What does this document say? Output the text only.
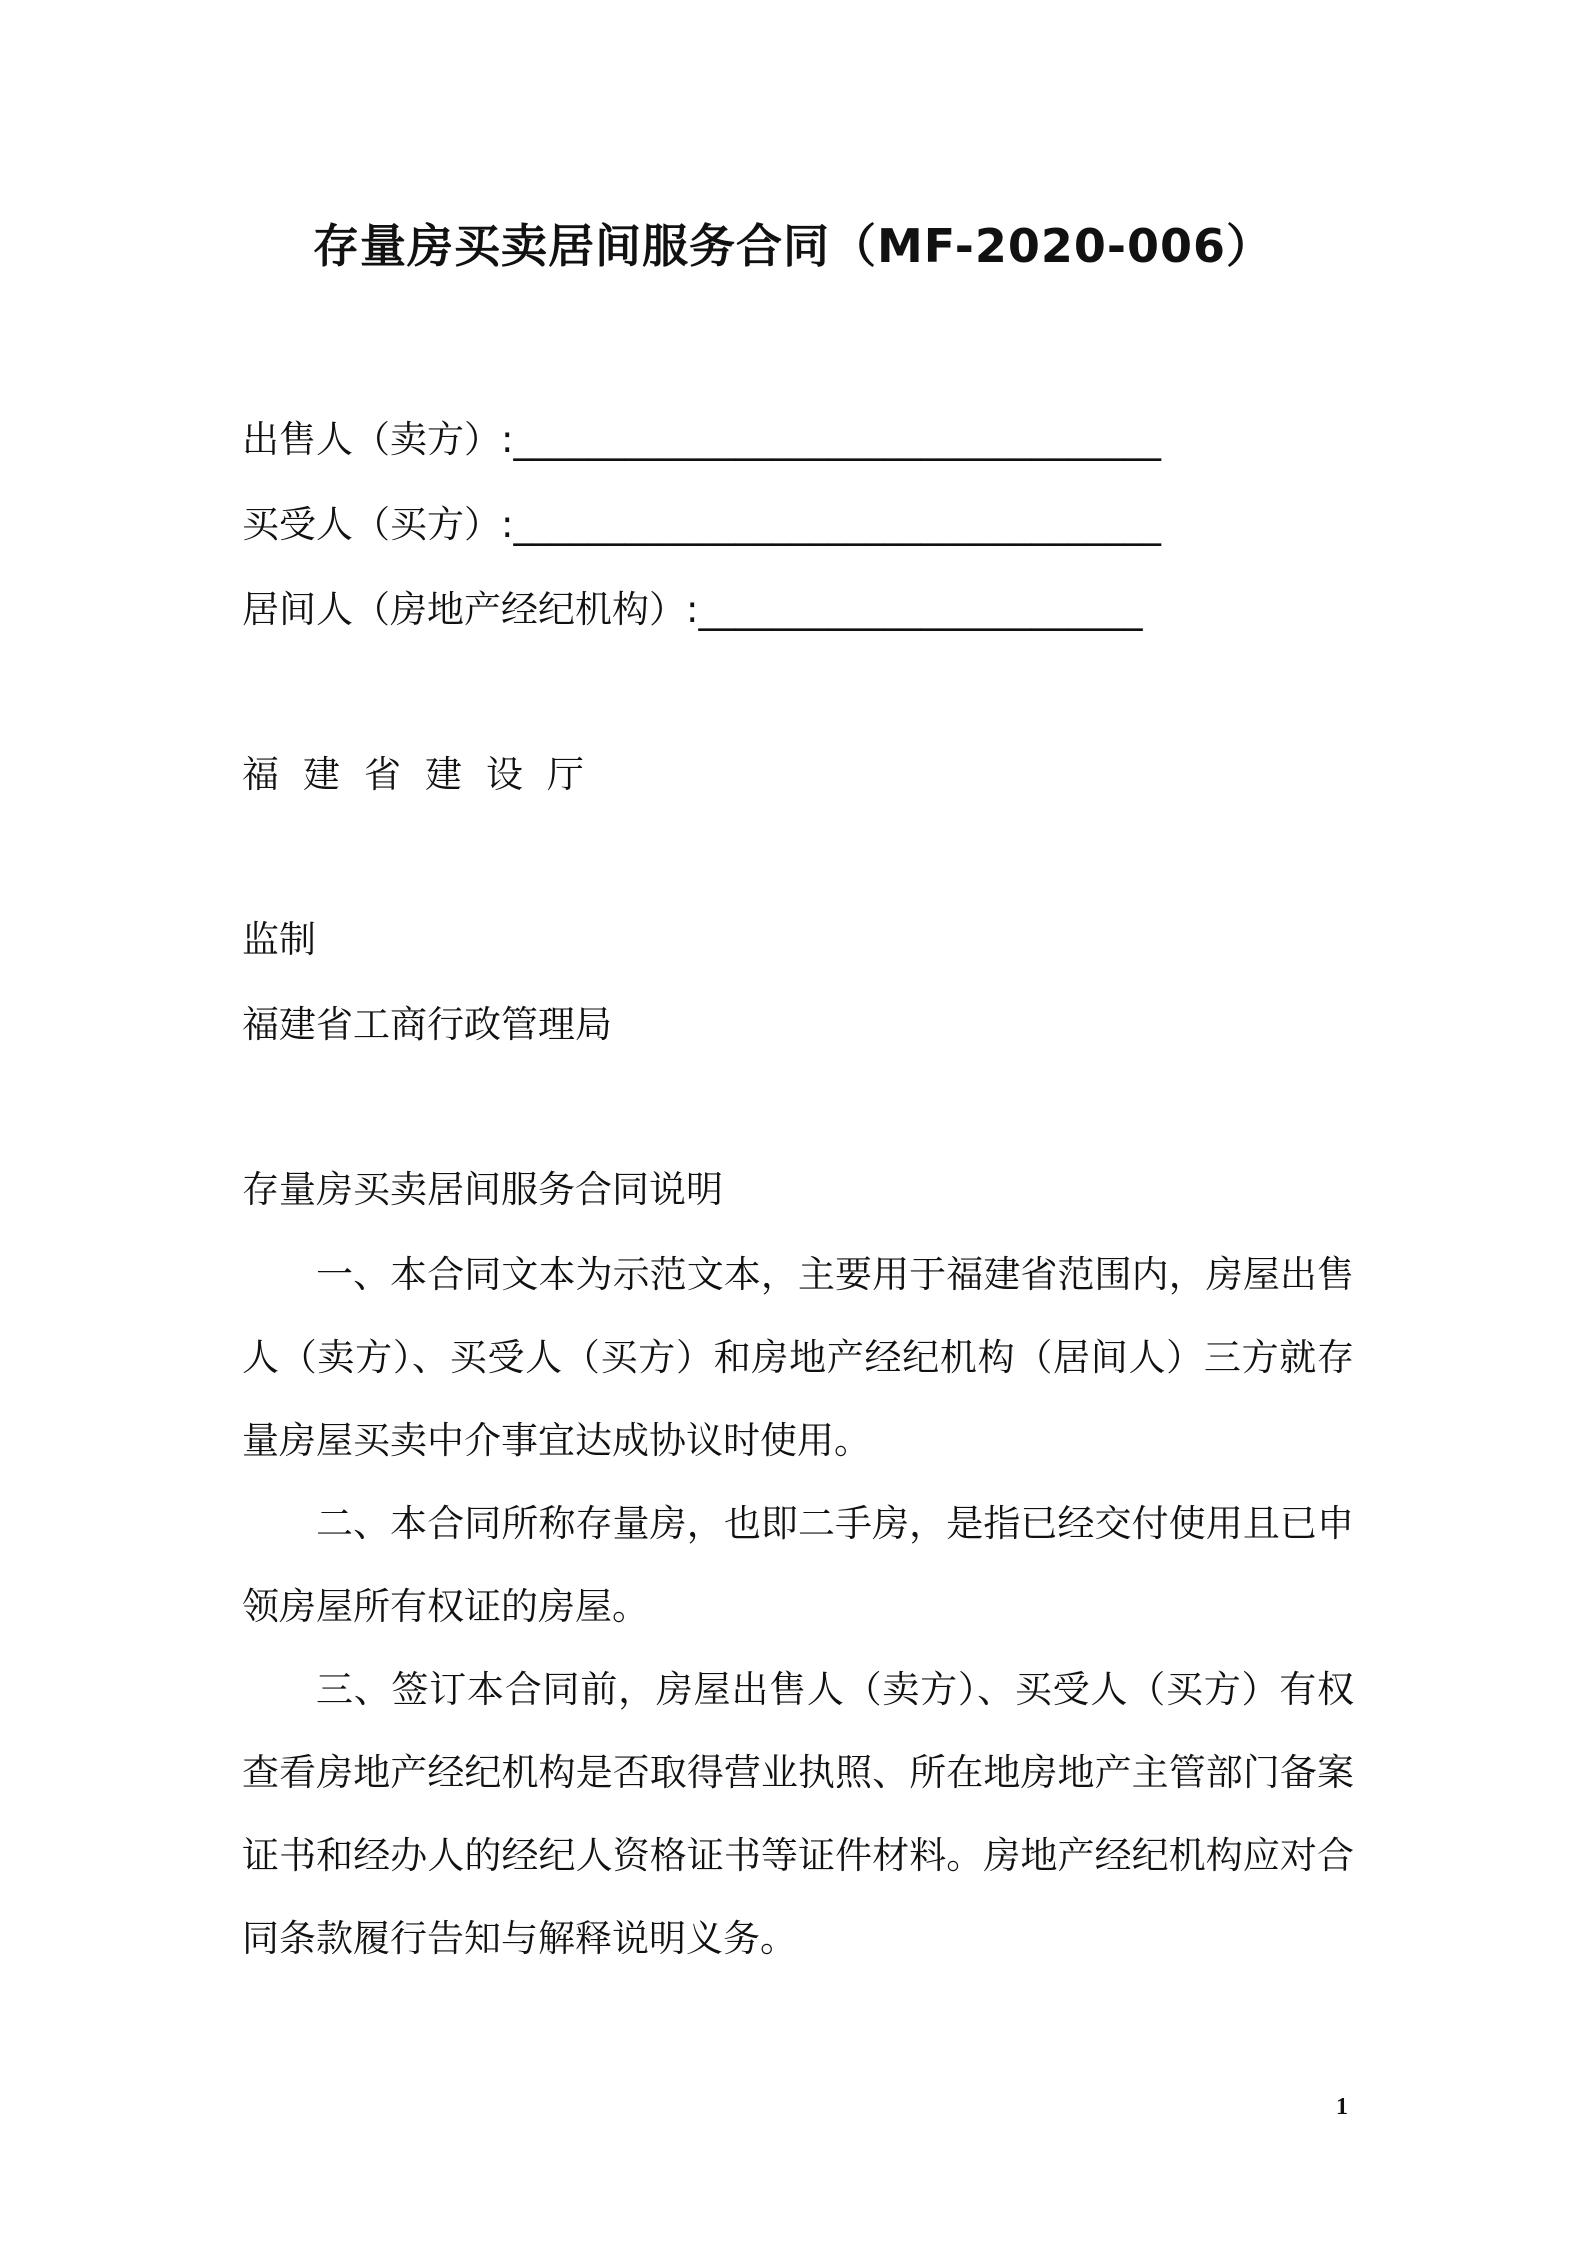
存量房买卖居间服务合同（MF-2020-006）
出售人（卖方）:___________________________________
买受人（买方）:___________________________________
居间人（房地产经纪机构）:________________________
福建省建设厅
监制
福建省工商行政管理局
存量房买卖居间服务合同说明
一、本合同文本为示范文本，主要用于福建省范围内，房屋出售人（卖方）、买受人（买方）和房地产经纪机构（居间人）三方就存量房屋买卖中介事宜达成协议时使用。
二、本合同所称存量房，也即二手房，是指已经交付使用且已申领房屋所有权证的房屋。
三、签订本合同前，房屋出售人（卖方）、买受人（买方）有权查看房地产经纪机构是否取得营业执照、所在地房地产主管部门备案证书和经办人的经纪人资格证书等证件材料。房地产经纪机构应对合同条款履行告知与解释说明义务。
1
